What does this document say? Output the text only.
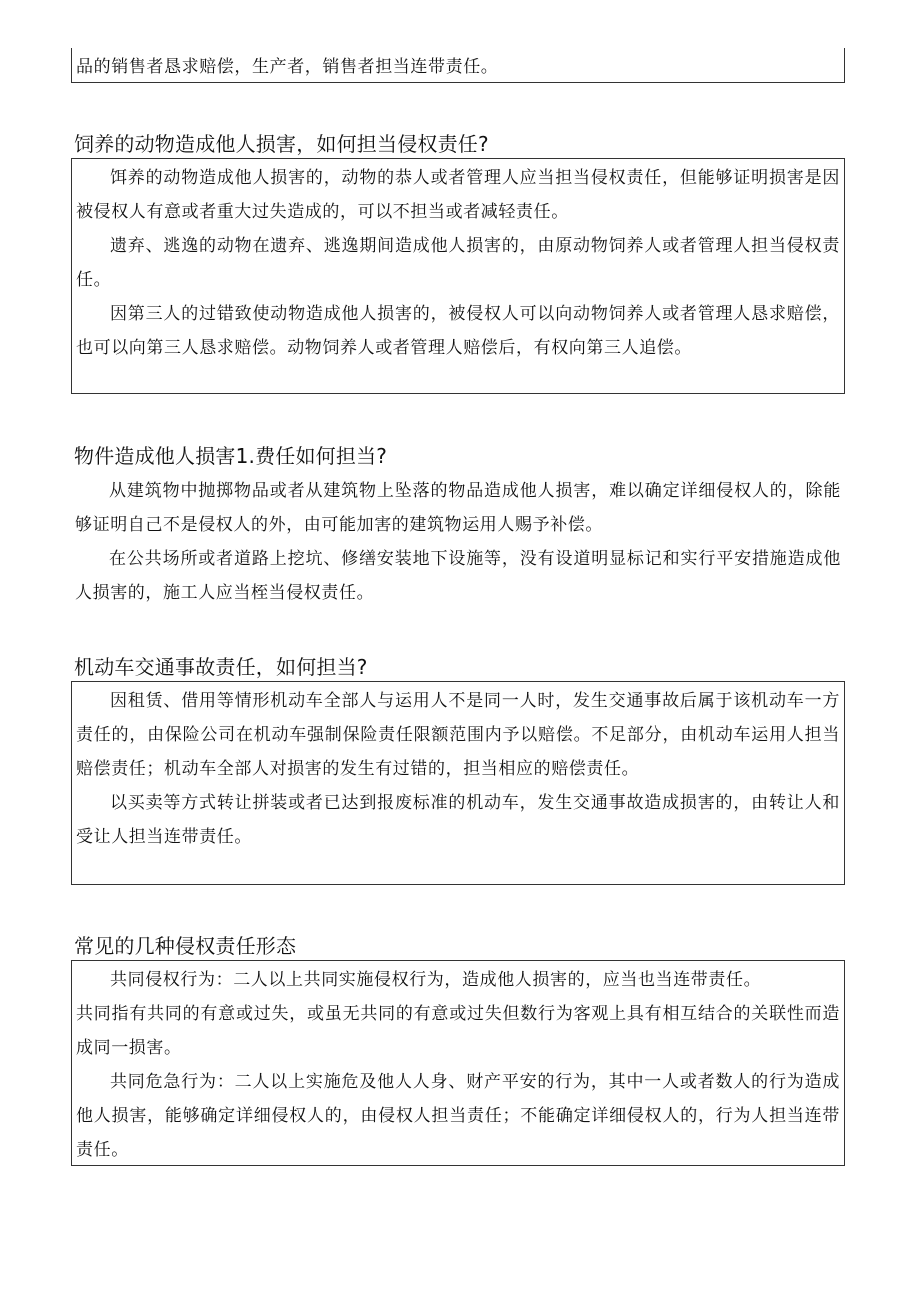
品的销售者恳求赔偿，生产者，销售者担当连带责任。

饲养的动物造成他人损害，如何担当侵权责任?

饵养的动物造成他人损害的，动物的恭人或者管理人应当担当侵权责任，但能够证明损害是因被侵权人有意或者重大过失造成的，可以不担当或者减轻责任。

遗弃、逃逸的动物在遗弃、逃逸期间造成他人损害的，由原动物饲养人或者管理人担当侵权责任。

因第三人的过错致使动物造成他人损害的，被侵权人可以向动物饲养人或者管理人恳求赔偿，也可以向第三人恳求赔偿。动物饲养人或者管理人赔偿后，有权向第三人追偿。

物件造成他人损害1.费任如何担当?

从建筑物中抛掷物品或者从建筑物上坠落的物品造成他人损害，难以确定详细侵权人的，除能够证明自己不是侵权人的外，由可能加害的建筑物运用人赐予补偿。

在公共场所或者道路上挖坑、修缮安装地下设施等，没有设道明显标记和实行平安措施造成他人损害的，施工人应当桎当侵权责任。

机动车交通事故责任，如何担当?

因租赁、借用等情形机动车全部人与运用人不是同一人时，发生交通事故后属于该机动车一方责任的，由保险公司在机动车强制保险责任限额范围内予以赔偿。不足部分，由机动车运用人担当赔偿责任；机动车全部人对损害的发生有过错的，担当相应的赔偿责任。

以买卖等方式转让拼装或者已达到报废标准的机动车，发生交通事故造成损害的，由转让人和受让人担当连带责任。

常见的几种侵权责任形态

共同侵权行为：二人以上共同实施侵权行为，造成他人损害的，应当也当连带责任。

共同指有共同的有意或过失，或虽无共同的有意或过失但数行为客观上具有相互结合的关联性而造成同一损害。

共同危急行为：二人以上实施危及他人人身、财产平安的行为，其中一人或者数人的行为造成他人损害，能够确定详细侵权人的，由侵权人担当责任；不能确定详细侵权人的，行为人担当连带责任。
